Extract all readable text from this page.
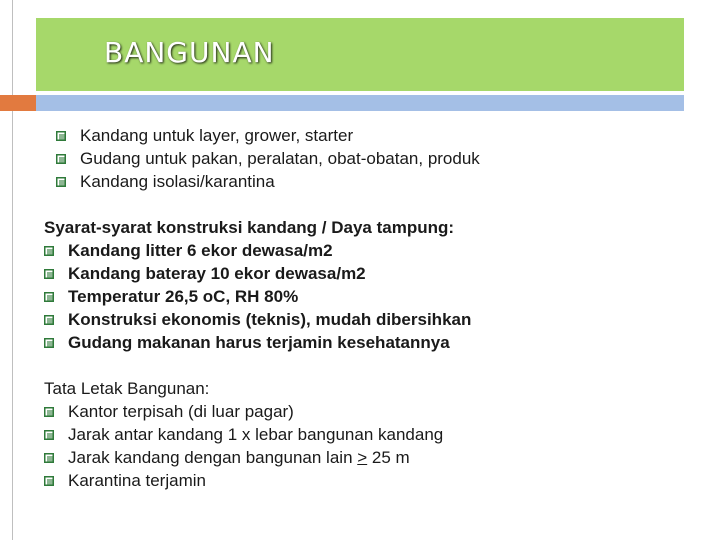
BANGUNAN
Kandang untuk layer, grower, starter
Gudang untuk pakan, peralatan, obat-obatan, produk
Kandang isolasi/karantina
Syarat-syarat konstruksi kandang / Daya tampung:
Kandang litter 6 ekor dewasa/m2
Kandang bateray 10 ekor dewasa/m2
Temperatur 26,5 oC, RH 80%
Konstruksi ekonomis (teknis), mudah dibersihkan
Gudang makanan harus terjamin kesehatannya
Tata Letak Bangunan:
Kantor terpisah (di luar pagar)
Jarak antar kandang 1 x lebar bangunan kandang
Jarak kandang dengan bangunan lain > 25 m
Karantina terjamin
